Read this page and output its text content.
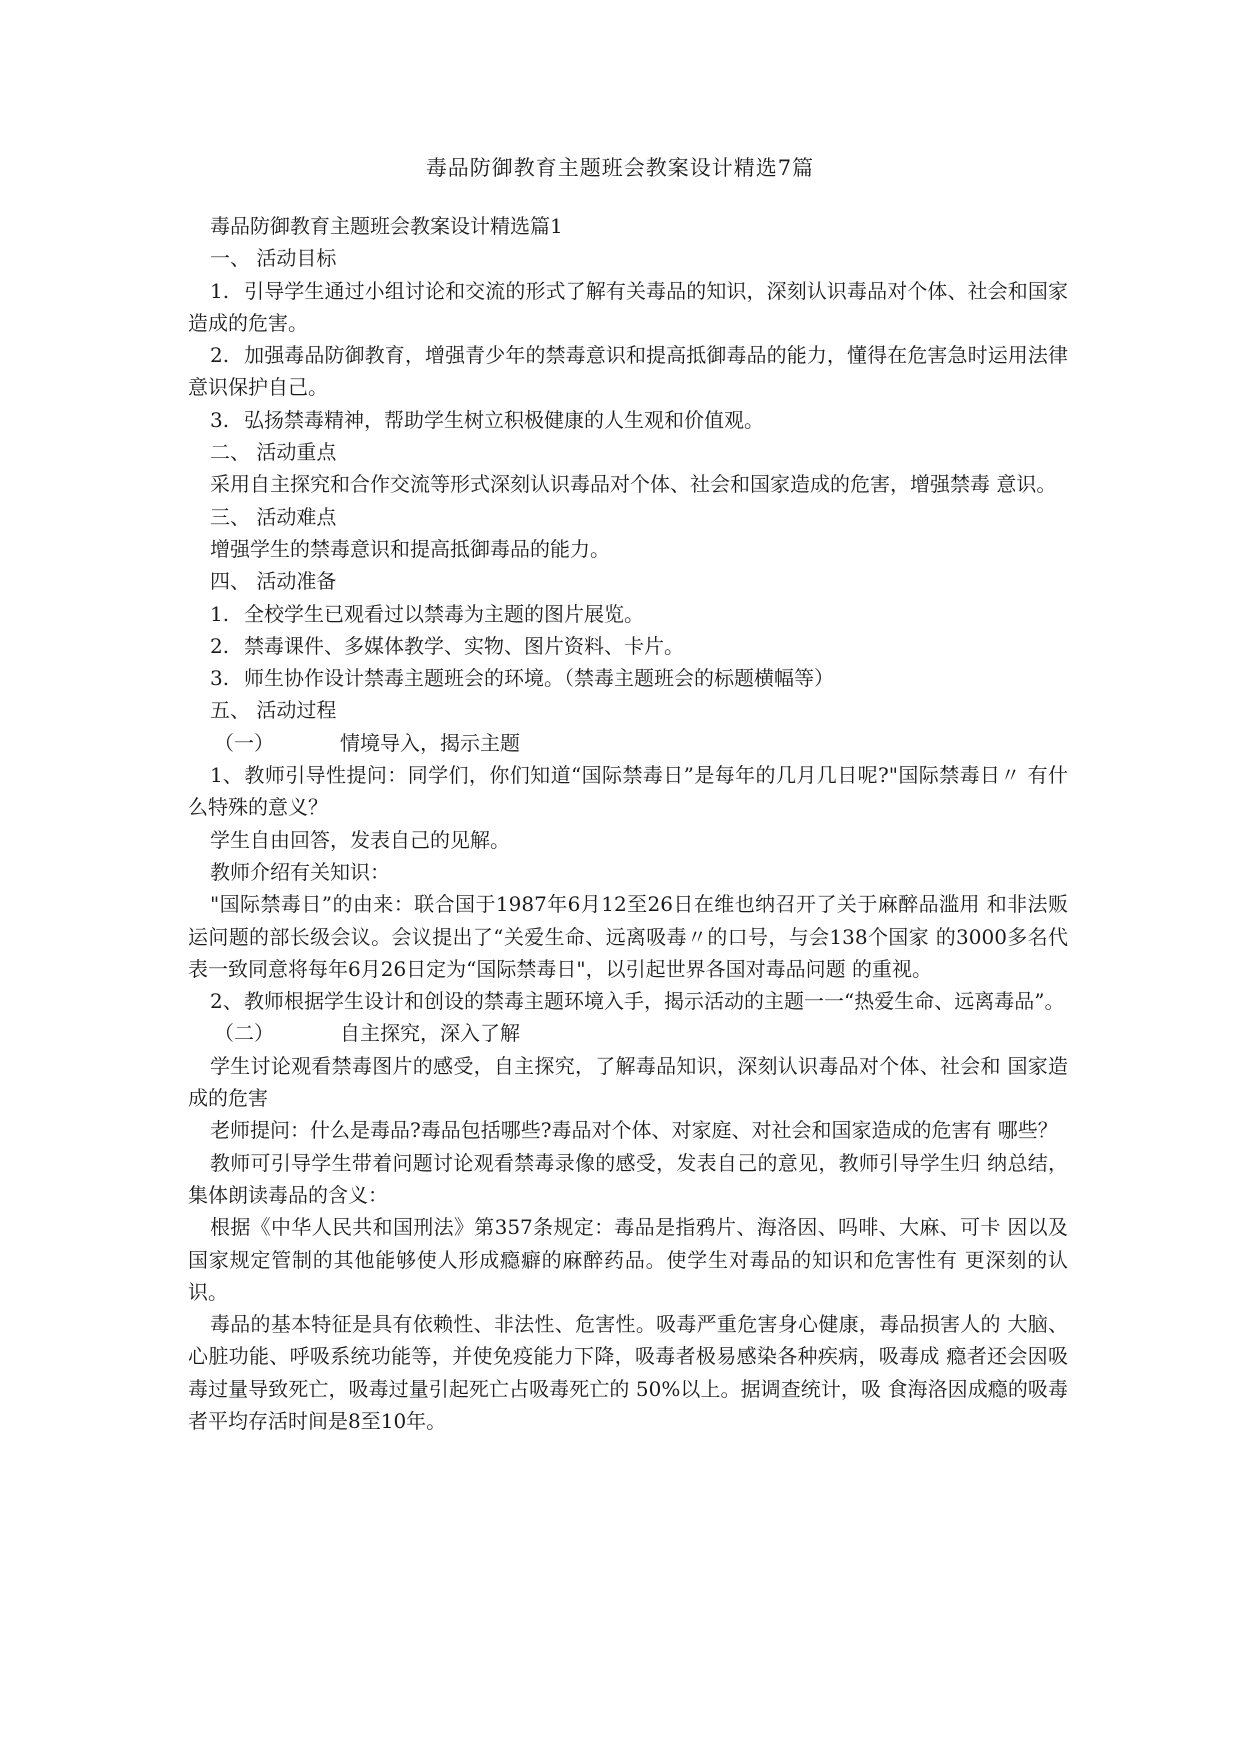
毒品防御教育主题班会教案设计精选7篇

毒品防御教育主题班会教案设计精选篇1

一、 活动目标

1. 引导学生通过小组讨论和交流的形式了解有关毒品的知识，深刻认识毒品对个体、社会和国家造成的危害。

2. 加强毒品防御教育，增强青少年的禁毒意识和提高抵御毒品的能力，懂得在危害急时运用法律意识保护自己。

3. 弘扬禁毒精神，帮助学生树立积极健康的人生观和价值观。

二、 活动重点

采用自主探究和合作交流等形式深刻认识毒品对个体、社会和国家造成的危害，增强禁毒 意识。

三、 活动难点

增强学生的禁毒意识和提高抵御毒品的能力。

四、 活动准备

1. 全校学生已观看过以禁毒为主题的图片展览。

2. 禁毒课件、多媒体教学、实物、图片资料、卡片。

3. 师生协作设计禁毒主题班会的环境。（禁毒主题班会的标题横幅等）

五、 活动过程

（一）	情境导入，揭示主题

1、教师引导性提问：同学们，你们知道“国际禁毒日”是每年的几月几日呢?"国际禁毒日〃 有什么特殊的意义？

学生自由回答，发表自己的见解。

教师介绍有关知识：

"国际禁毒日”的由来：联合国于1987年6月12至26日在维也纳召开了关于麻醉品滥用 和非法贩运问题的部长级会议。会议提出了“关爱生命、远离吸毒〃的口号，与会138个国家 的3000多名代表一致同意将每年6月26日定为“国际禁毒日"，以引起世界各国对毒品问题 的重视。

2、教师根据学生设计和创设的禁毒主题环境入手，揭示活动的主题一一“热爱生命、远离毒品”。

（二）	自主探究，深入了解

学生讨论观看禁毒图片的感受，自主探究，了解毒品知识，深刻认识毒品对个体、社会和 国家造成的危害

老师提问：什么是毒品?毒品包括哪些?毒品对个体、对家庭、对社会和国家造成的危害有 哪些？

教师可引导学生带着问题讨论观看禁毒录像的感受，发表自己的意见，教师引导学生归 纳总结，集体朗读毒品的含义：

根据《中华人民共和国刑法》第357条规定：毒品是指鸦片、海洛因、吗啡、大麻、可卡 因以及国家规定管制的其他能够使人形成瘾癖的麻醉药品。使学生对毒品的知识和危害性有 更深刻的认识。

毒品的基本特征是具有依赖性、非法性、危害性。吸毒严重危害身心健康，毒品损害人的 大脑、心脏功能、呼吸系统功能等，并使免疫能力下降，吸毒者极易感染各种疾病，吸毒成 瘾者还会因吸毒过量导致死亡，吸毒过量引起死亡占吸毒死亡的 50%以上。据调查统计，吸 食海洛因成瘾的吸毒者平均存活时间是8至10年。
